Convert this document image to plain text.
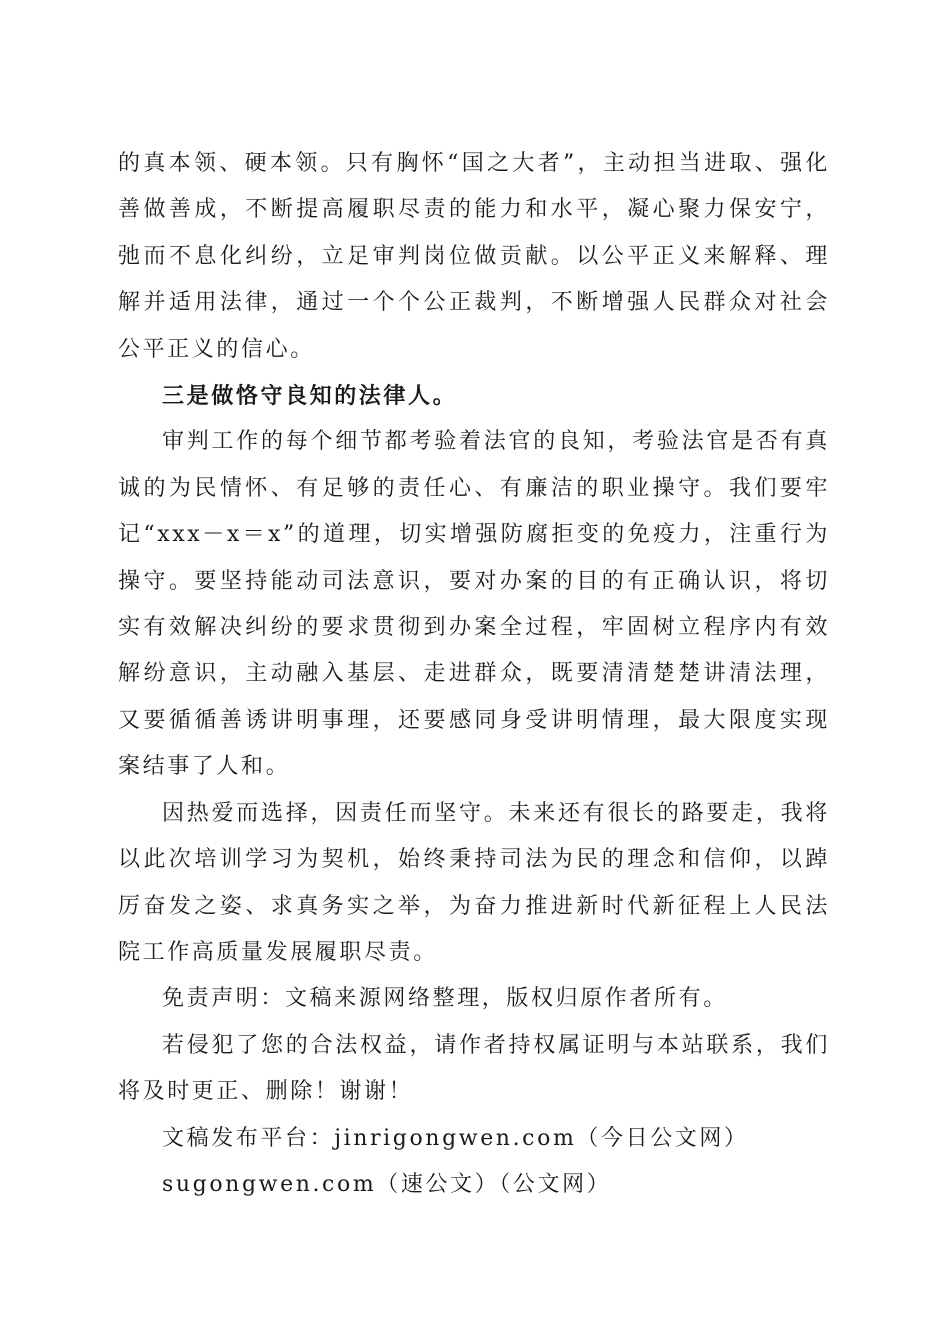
的真本领、硬本领。只有胸怀“国之大者”，主动担当进取、强化善做善成，不断提高履职尽责的能力和水平，凝心聚力保安宁，弛而不息化纠纷，立足审判岗位做贡献。以公平正义来解释、理解并适用法律，通过一个个公正裁判，不断增强人民群众对社会公平正义的信心。

三是做恪守良知的法律人。

审判工作的每个细节都考验着法官的良知，考验法官是否有真诚的为民情怀、有足够的责任心、有廉洁的职业操守。我们要牢记“xxx－x＝x”的道理，切实增强防腐拒变的免疫力，注重行为操守。要坚持能动司法意识，要对办案的目的有正确认识，将切实有效解决纠纷的要求贯彻到办案全过程，牢固树立程序内有效解纷意识，主动融入基层、走进群众，既要清清楚楚讲清法理，又要循循善诱讲明事理，还要感同身受讲明情理，最大限度实现案结事了人和。

因热爱而选择，因责任而坚守。未来还有很长的路要走，我将以此次培训学习为契机，始终秉持司法为民的理念和信仰，以踔厉奋发之姿、求真务实之举，为奋力推进新时代新征程上人民法院工作高质量发展履职尽责。

免责声明：文稿来源网络整理，版权归原作者所有。

若侵犯了您的合法权益，请作者持权属证明与本站联系，我们将及时更正、删除！谢谢！

文稿发布平台：jinrigongwen.com（今日公文网）

sugongwen.com（速公文）（公文网）
